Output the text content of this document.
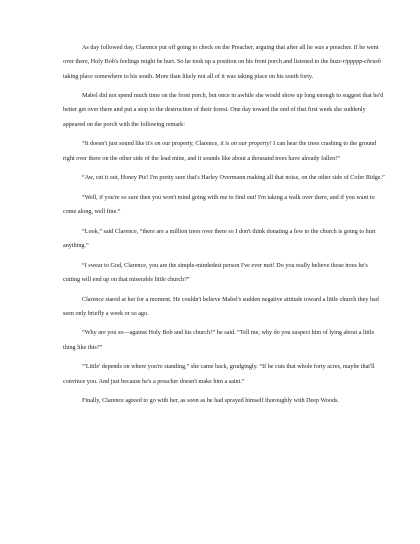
As day followed day, Clarence put off going to check on the Preacher, arguing that after all he was a preacher. If he went over there, Holy Bob's feelings might be hurt. So he took up a position on his front porch and listened to the buzz-rippppp-chrash taking place somewhere to his south. More than likely not all of it was taking place on his south forty.

Mabel did not spend much time on the front porch, but once in awhile she would show up long enough to suggest that he'd better get over there and put a stop to the destruction of their forest. One day toward the end of that first week she suddenly appeared on the porch with the following remark:

“It doesn't just sound like it's on our property, Clarence, it is on our property! I can hear the trees crashing to the ground right over there on the other side of the lead mine, and it sounds like about a thousand trees have already fallen!”

“Aw, cut it out, Honey Pie! I'm pretty sure that's Harley Overmann making all that noise, on the other side of Cofer Ridge.”

“Well, if you're so sure then you won't mind going with me to find out! I'm taking a walk over there, and if you want to come along, well fine.”

“Look,” said Clarence, “there are a million trees over there so I don't think donating a few to the church is going to hurt anything.”

“I swear to God, Clarence, you are the simple-mindedest person I've ever met! Do you really believe those trees he's cutting will end up on that miserable little church?”

Clarence stared at her for a moment. He couldn't believe Mabel's sudden negative attitude toward a little church they had seen only briefly a week or so ago.

“Why are you so—against Holy Bob and his church?” he said. “Tell me, why do you suspect him of lying about a little thing like this?”

“'Little' depends on where you're standing,” she came back, grudgingly. “If he cuts that whole forty acres, maybe that'll convince you. And just because he's a preacher doesn't make him a saint.”

Finally, Clarence agreed to go with her, as soon as he had sprayed himself thoroughly with Deep Woods.
